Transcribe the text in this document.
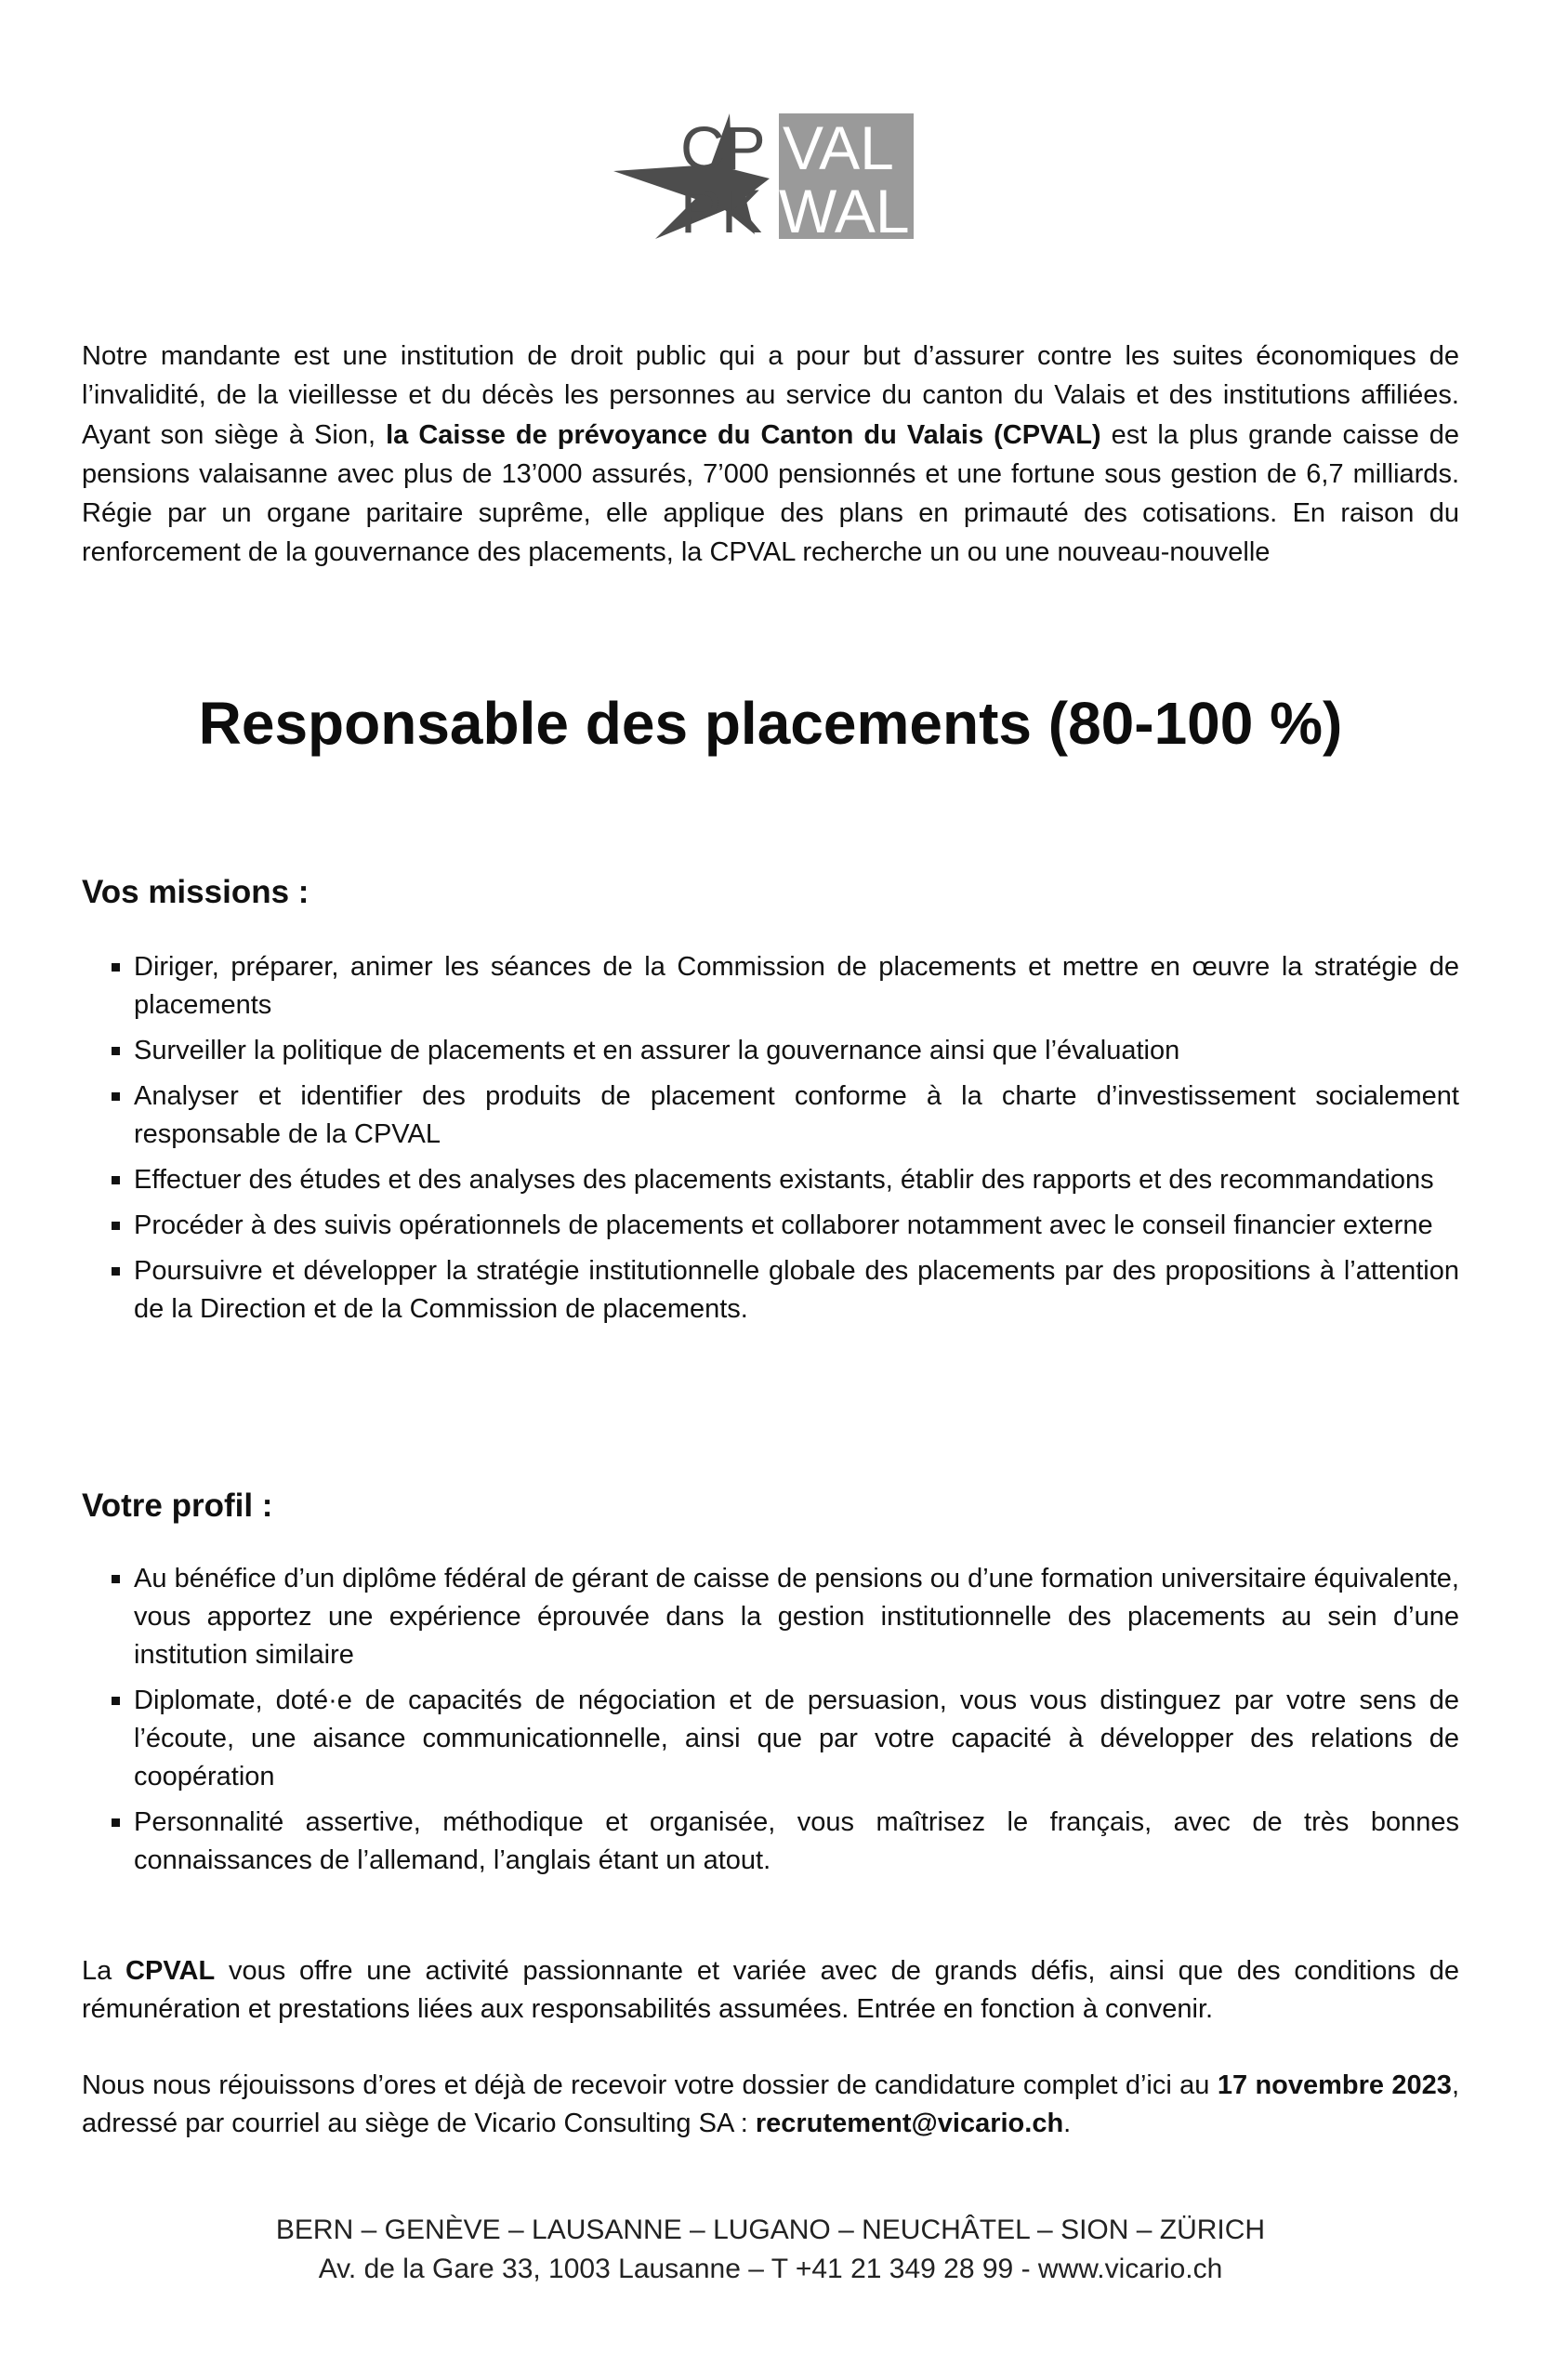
CP VAL
PK WAL

Notre mandante est une institution de droit public qui a pour but d’assurer contre les suites économiques de l’invalidité, de la vieillesse et du décès les personnes au service du canton du Valais et des institutions affiliées. Ayant son siège à Sion, la Caisse de prévoyance du Canton du Valais (CPVAL) est la plus grande caisse de pensions valaisanne avec plus de 13’000 assurés, 7’000 pensionnés et une fortune sous gestion de 6,7 milliards. Régie par un organe paritaire suprême, elle applique des plans en primauté des cotisations. En raison du renforcement de la gouvernance des placements, la CPVAL recherche un ou une nouveau-nouvelle

Responsable des placements (80-100 %)
Vos missions :
Diriger, préparer, animer les séances de la Commission de placements et mettre en œuvre la stratégie de placements
Surveiller la politique de placements et en assurer la gouvernance ainsi que l’évaluation
Analyser et identifier des produits de placement conforme à la charte d’investissement socialement responsable de la CPVAL
Effectuer des études et des analyses des placements existants, établir des rapports et des recommandations
Procéder à des suivis opérationnels de placements et collaborer notamment avec le conseil financier externe
Poursuivre et développer la stratégie institutionnelle globale des placements par des propositions à l’attention de la Direction et de la Commission de placements.
Votre profil :
Au bénéfice d’un diplôme fédéral de gérant de caisse de pensions ou d’une formation universitaire équivalente, vous apportez une expérience éprouvée dans la gestion institutionnelle des placements au sein d’une institution similaire
Diplomate, doté·e de capacités de négociation et de persuasion, vous vous distinguez par votre sens de l’écoute, une aisance communicationnelle, ainsi que par votre capacité à développer des relations de coopération
Personnalité assertive, méthodique et organisée, vous maîtrisez le français, avec de très bonnes connaissances de l’allemand, l’anglais étant un atout.

La CPVAL vous offre une activité passionnante et variée avec de grands défis, ainsi que des conditions de rémunération et prestations liées aux responsabilités assumées. Entrée en fonction à convenir.

Nous nous réjouissons d’ores et déjà de recevoir votre dossier de candidature complet d’ici au 17 novembre 2023, adressé par courriel au siège de Vicario Consulting SA : recrutement@vicario.ch.

BERN – GENÈVE – LAUSANNE – LUGANO – NEUCHÂTEL – SION – ZÜRICH
Av. de la Gare 33, 1003 Lausanne – T +41 21 349 28 99 - www.vicario.ch
